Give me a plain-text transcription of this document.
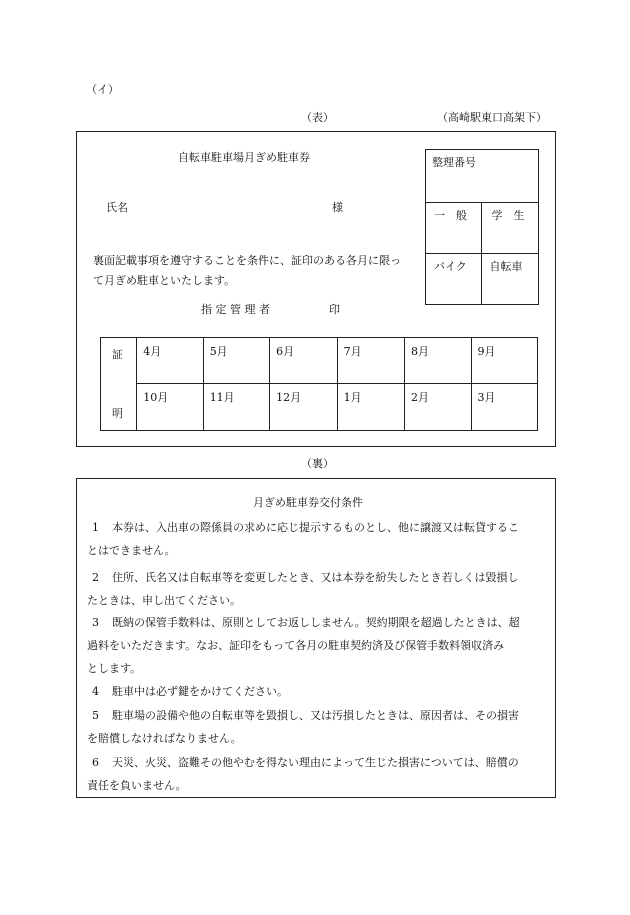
（イ）
（表）	（高崎駅東口高架下）
自転車駐車場月ぎめ駐車券
氏名	様
裏面記載事項を遵守することを条件に、証印のある各月に限っ
て月ぎめ駐車といたします。
指 定 管 理 者	印
整理番号	
一　般	学　生
バイク	自転車
証
明	4月	5月	6月	7月	8月	9月
	10月	11月	12月	1月	2月	3月
（裏）
月ぎめ駐車券交付条件
1	本券は、入出車の際係員の求めに応じ提示するものとし、他に譲渡又は転貸するこ
とはできません。
2	住所、氏名又は自転車等を変更したとき、又は本券を紛失したとき若しくは毀損し
たときは、申し出てください。
3	既納の保管手数料は、原則としてお返ししません。契約期限を超過したときは、超
過料をいただきます。なお、証印をもって各月の駐車契約済及び保管手数料領収済み
とします。
4	駐車中は必ず鍵をかけてください。
5	駐車場の設備や他の自転車等を毀損し、又は汚損したときは、原因者は、その損害
を賠償しなければなりません。
6	天災、火災、盗難その他やむを得ない理由によって生じた損害については、賠償の
責任を負いません。
